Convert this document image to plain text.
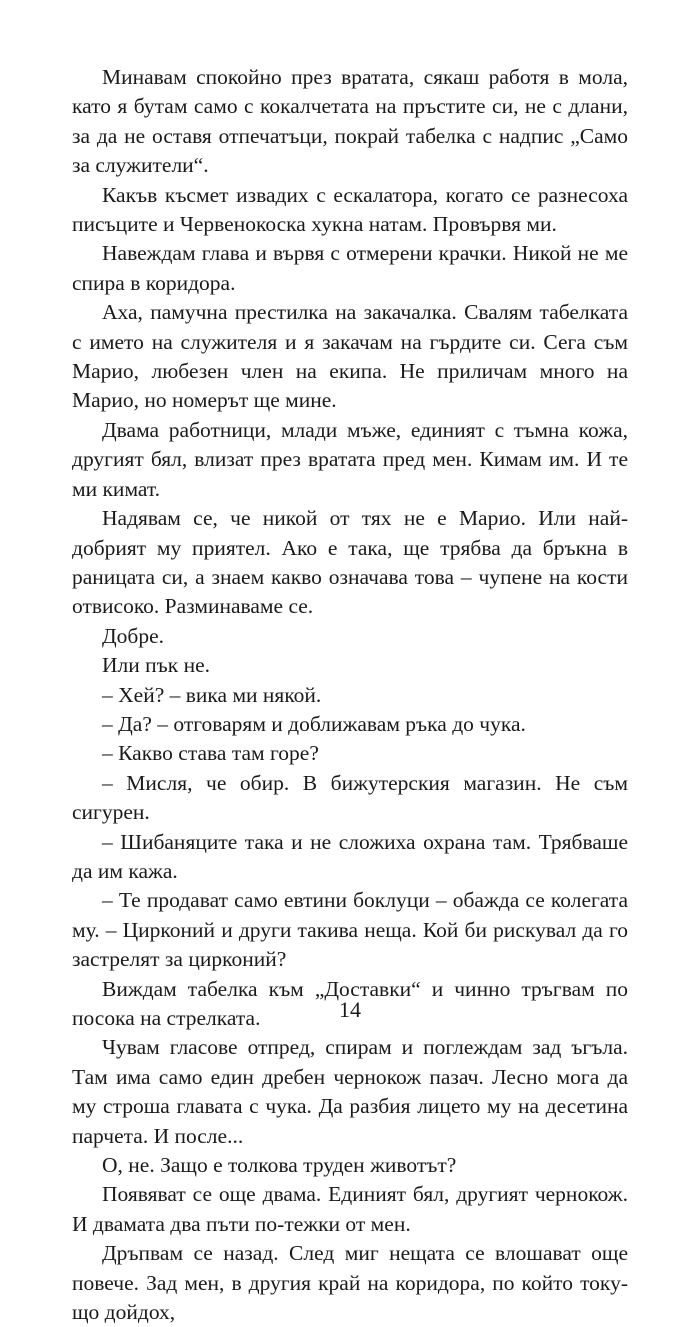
Минавам спокойно през вратата, сякаш работя в мола, като я бутам само с кокалчетата на пръстите си, не с длани, за да не оставя отпечатъци, покрай табелка с надпис „Само за служители“.

Какъв късмет извадих с ескалатора, когато се разнесоха писъците и Червенокоска хукна натам. Провървя ми.

Навеждам глава и вървя с отмерени крачки. Никой не ме спира в коридора.

Аха, памучна престилка на закачалка. Свалям табелката с името на служителя и я закачам на гърдите си. Сега съм Марио, любезен член на екипа. Не приличам много на Марио, но номерът ще мине.

Двама работници, млади мъже, единият с тъмна кожа, другият бял, влизат през вратата пред мен. Кимам им. И те ми кимат.

Надявам се, че никой от тях не е Марио. Или най-добрият му приятел. Ако е така, ще трябва да бръкна в раницата си, а знаем какво означава това – чупене на кости отвисоко. Разминаваме се.

Добре.

Или пък не.

– Хей? – вика ми някой.

– Да? – отговарям и доближавам ръка до чука.

– Какво става там горе?

– Мисля, че обир. В бижутерския магазин. Не съм сигурен.

– Шибаняците така и не сложиха охрана там. Трябваше да им кажа.

– Те продават само евтини боклуци – обажда се колегата му. – Цирконий и други такива неща. Кой би рискувал да го застрелят за цирконий?

Виждам табелка към „Доставки“ и чинно тръгвам по посока на стрелката.

Чувам гласове отпред, спирам и поглеждам зад ъгъла. Там има само един дребен чернокож пазач. Лесно мога да му строша главата с чука. Да разбия лицето му на десетина парчета. И после...

О, не. Защо е толкова труден животът?

Появяват се още двама. Единият бял, другият чернокож. И двамата два пъти по-тежки от мен.

Дръпвам се назад. След миг нещата се влошават още повече. Зад мен, в другия край на коридора, по който току-що дойдох,

14
